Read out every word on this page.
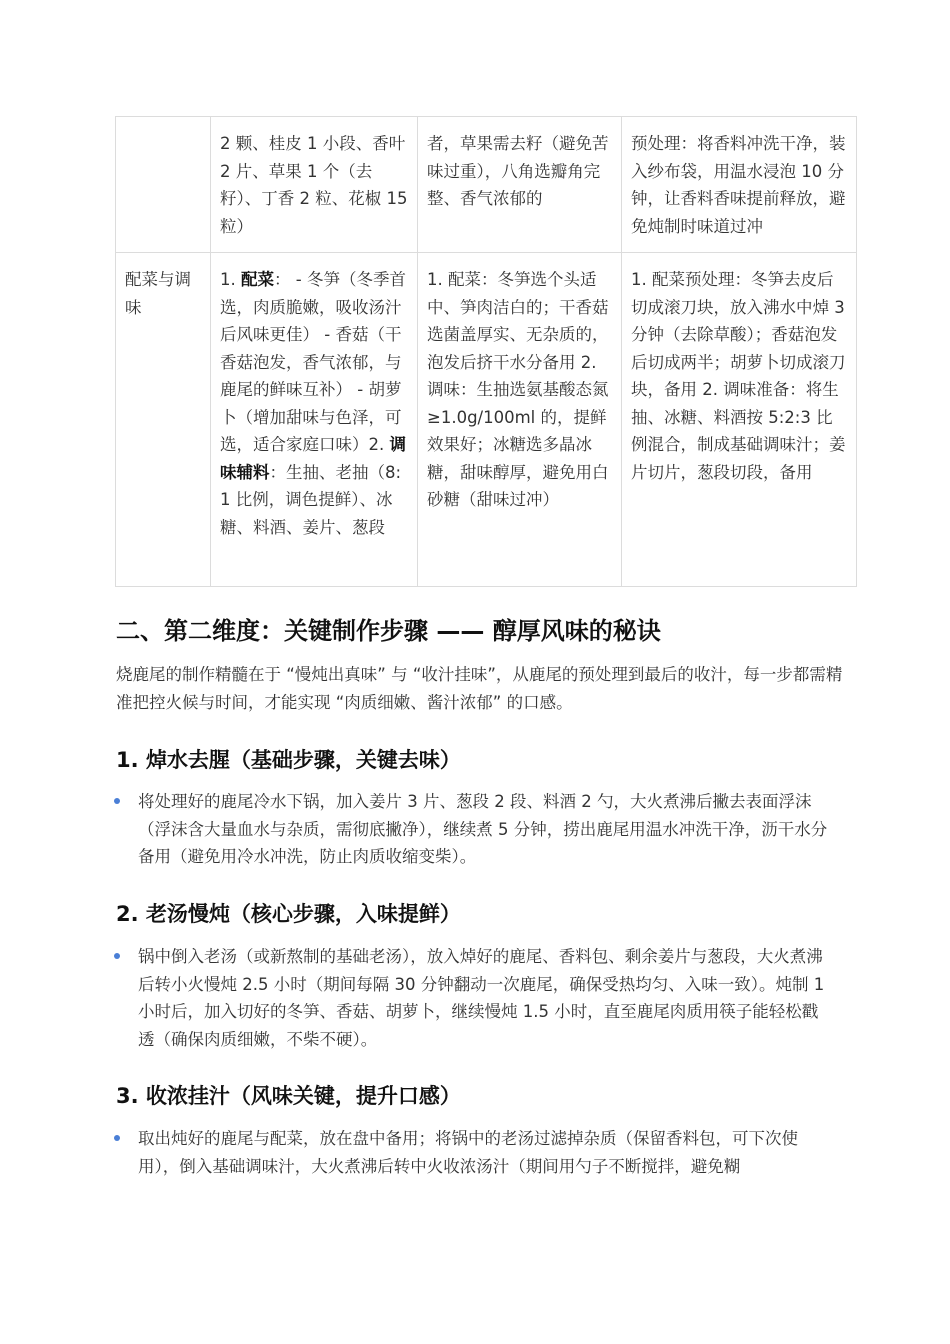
	2 颗、桂皮 1 小段、香叶 2 片、草果 1 个（去籽）、丁香 2 粒、花椒 15 粒）	者，草果需去籽（避免苦味过重），八角选瓣角完整、香气浓郁的	预处理：将香料冲洗干净，装入纱布袋，用温水浸泡 10 分钟，让香料香味提前释放，避免炖制时味道过冲
配菜与调味	1. 配菜： - 冬笋（冬季首选，肉质脆嫩，吸收汤汁后风味更佳） - 香菇（干香菇泡发，香气浓郁，与鹿尾的鲜味互补） - 胡萝卜（增加甜味与色泽，可选，适合家庭口味）2. 调味辅料：生抽、老抽（8:1 比例，调色提鲜）、冰糖、料酒、姜片、葱段	1. 配菜：冬笋选个头适中、笋肉洁白的；干香菇选菌盖厚实、无杂质的，泡发后挤干水分备用 2. 调味：生抽选氨基酸态氮≥1.0g/100ml 的，提鲜效果好；冰糖选多晶冰糖，甜味醇厚，避免用白砂糖（甜味过冲）	1. 配菜预处理：冬笋去皮后切成滚刀块，放入沸水中焯 3 分钟（去除草酸）；香菇泡发后切成两半；胡萝卜切成滚刀块，备用 2. 调味准备：将生抽、冰糖、料酒按 5:2:3 比例混合，制成基础调味汁；姜片切片，葱段切段，备用
二、第二维度：关键制作步骤 —— 醇厚风味的秘诀

烧鹿尾的制作精髓在于 “慢炖出真味” 与 “收汁挂味”，从鹿尾的预处理到最后的收汁，每一步都需精准把控火候与时间，才能实现 “肉质细嫩、酱汁浓郁” 的口感。

1. 焯水去腥（基础步骤，关键去味）

将处理好的鹿尾冷水下锅，加入姜片 3 片、葱段 2 段、料酒 2 勺，大火煮沸后撇去表面浮沫（浮沫含大量血水与杂质，需彻底撇净），继续煮 5 分钟，捞出鹿尾用温水冲洗干净，沥干水分备用（避免用冷水冲洗，防止肉质收缩变柴）。

2. 老汤慢炖（核心步骤，入味提鲜）

锅中倒入老汤（或新熬制的基础老汤），放入焯好的鹿尾、香料包、剩余姜片与葱段，大火煮沸后转小火慢炖 2.5 小时（期间每隔 30 分钟翻动一次鹿尾，确保受热均匀、入味一致）。炖制 1 小时后，加入切好的冬笋、香菇、胡萝卜，继续慢炖 1.5 小时，直至鹿尾肉质用筷子能轻松戳透（确保肉质细嫩，不柴不硬）。

3. 收浓挂汁（风味关键，提升口感）

取出炖好的鹿尾与配菜，放在盘中备用；将锅中的老汤过滤掉杂质（保留香料包，可下次使用），倒入基础调味汁，大火煮沸后转中火收浓汤汁（期间用勺子不断搅拌，避免糊
